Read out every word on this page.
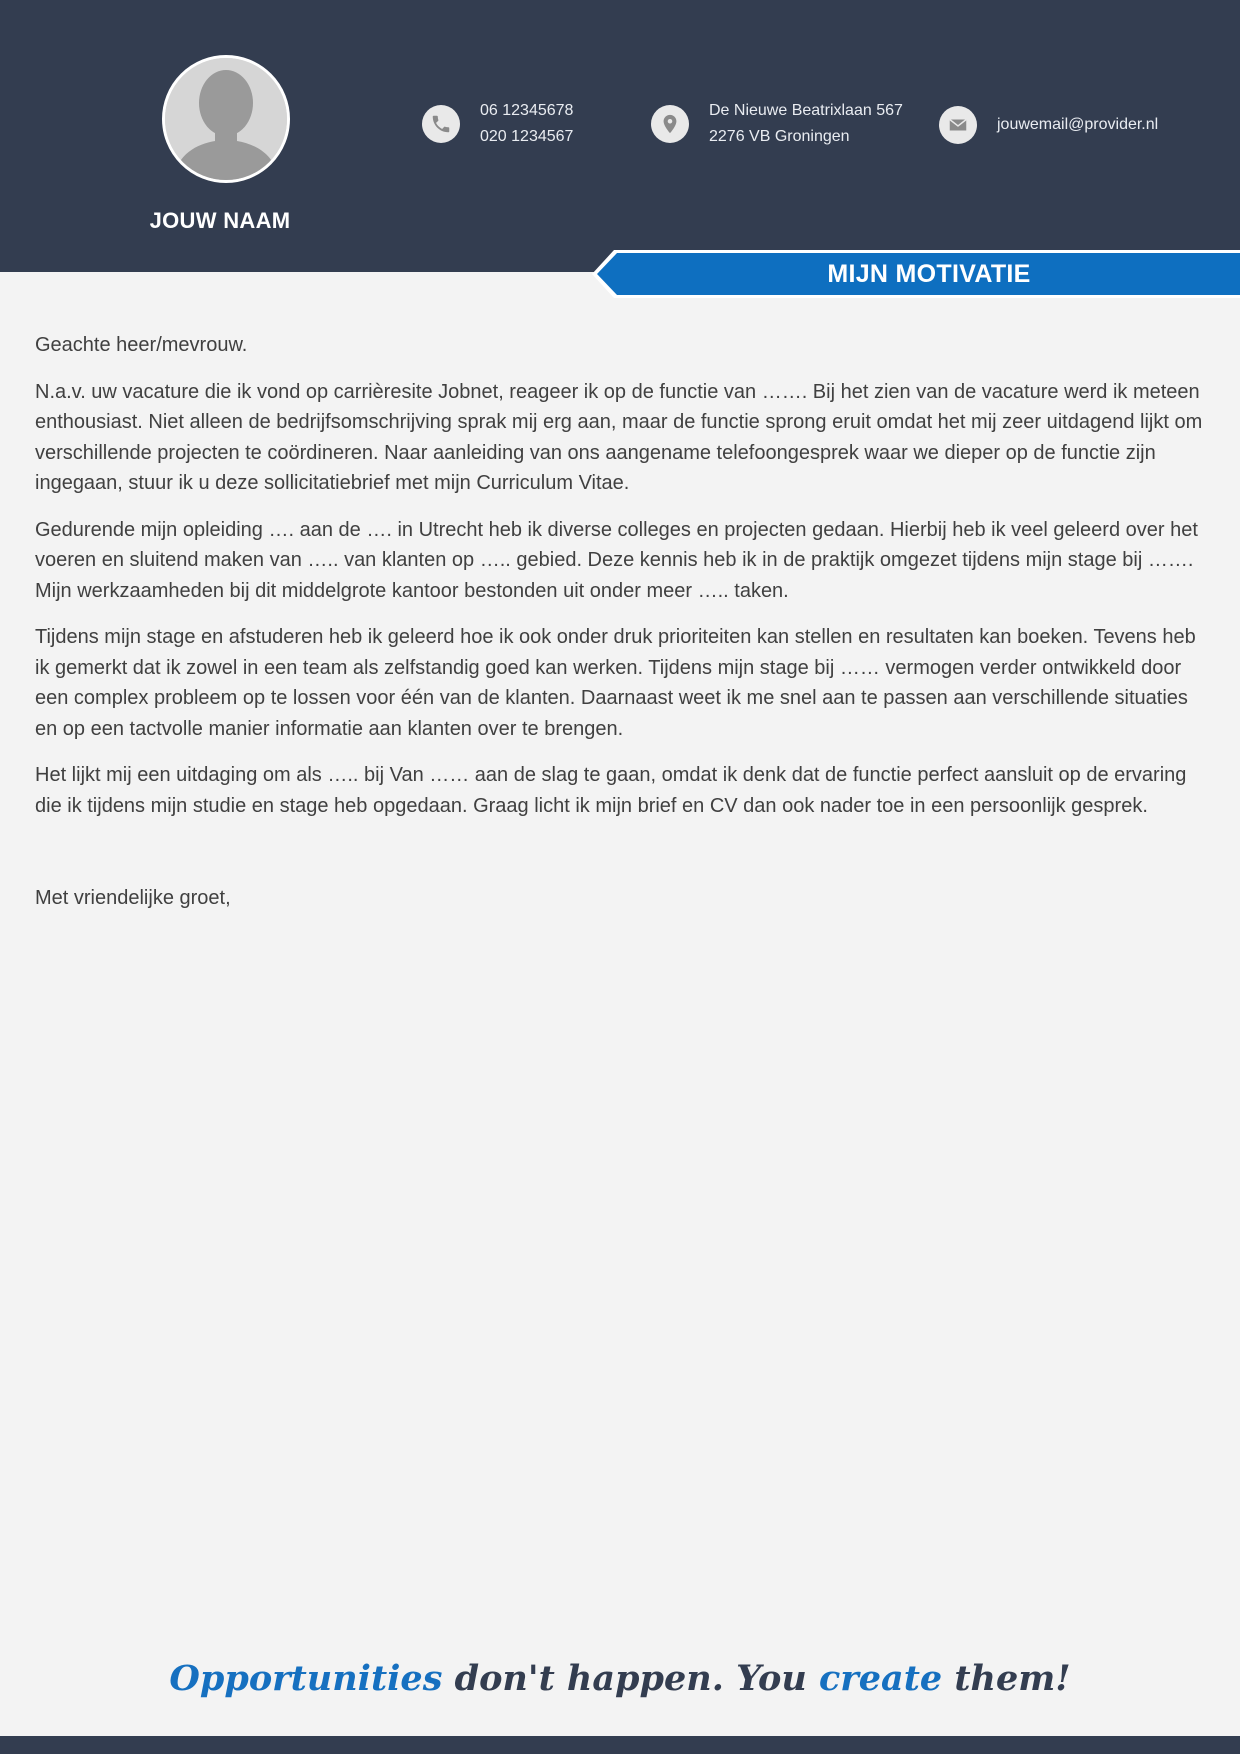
JOUW NAAM
06 12345678
020 1234567
De Nieuwe Beatrixlaan 567
2276 VB Groningen
jouwemail@provider.nl
MIJN MOTIVATIE

Geachte heer/mevrouw.

N.a.v. uw vacature die ik vond op carrièresite Jobnet, reageer ik op de functie van ……. Bij het zien van de vacature werd ik meteen enthousiast. Niet alleen de bedrijfsomschrijving sprak mij erg aan, maar de functie sprong eruit omdat het mij zeer uitdagend lijkt om verschillende projecten te coördineren. Naar aanleiding van ons aangename telefoongesprek waar we dieper op de functie zijn ingegaan, stuur ik u deze sollicitatiebrief met mijn Curriculum Vitae.

Gedurende mijn opleiding …. aan de …. in Utrecht heb ik diverse colleges en projecten gedaan. Hierbij heb ik veel geleerd over het voeren en sluitend maken van ….. van klanten op ….. gebied. Deze kennis heb ik in de praktijk omgezet tijdens mijn stage bij ……. Mijn werkzaamheden bij dit middelgrote kantoor bestonden uit onder meer ….. taken.

Tijdens mijn stage en afstuderen heb ik geleerd hoe ik ook onder druk prioriteiten kan stellen en resultaten kan boeken. Tevens heb ik gemerkt dat ik zowel in een team als zelfstandig goed kan werken. Tijdens mijn stage bij …… vermogen verder ontwikkeld door een complex probleem op te lossen voor één van de klanten. Daarnaast weet ik me snel aan te passen aan verschillende situaties en op een tactvolle manier informatie aan klanten over te brengen.

Het lijkt mij een uitdaging om als ….. bij Van …… aan de slag te gaan, omdat ik denk dat de functie perfect aansluit op de ervaring die ik tijdens mijn studie en stage heb opgedaan. Graag licht ik mijn brief en CV dan ook nader toe in een persoonlijk gesprek.

Met vriendelijke groet,

Opportunities don't happen. You create them!
